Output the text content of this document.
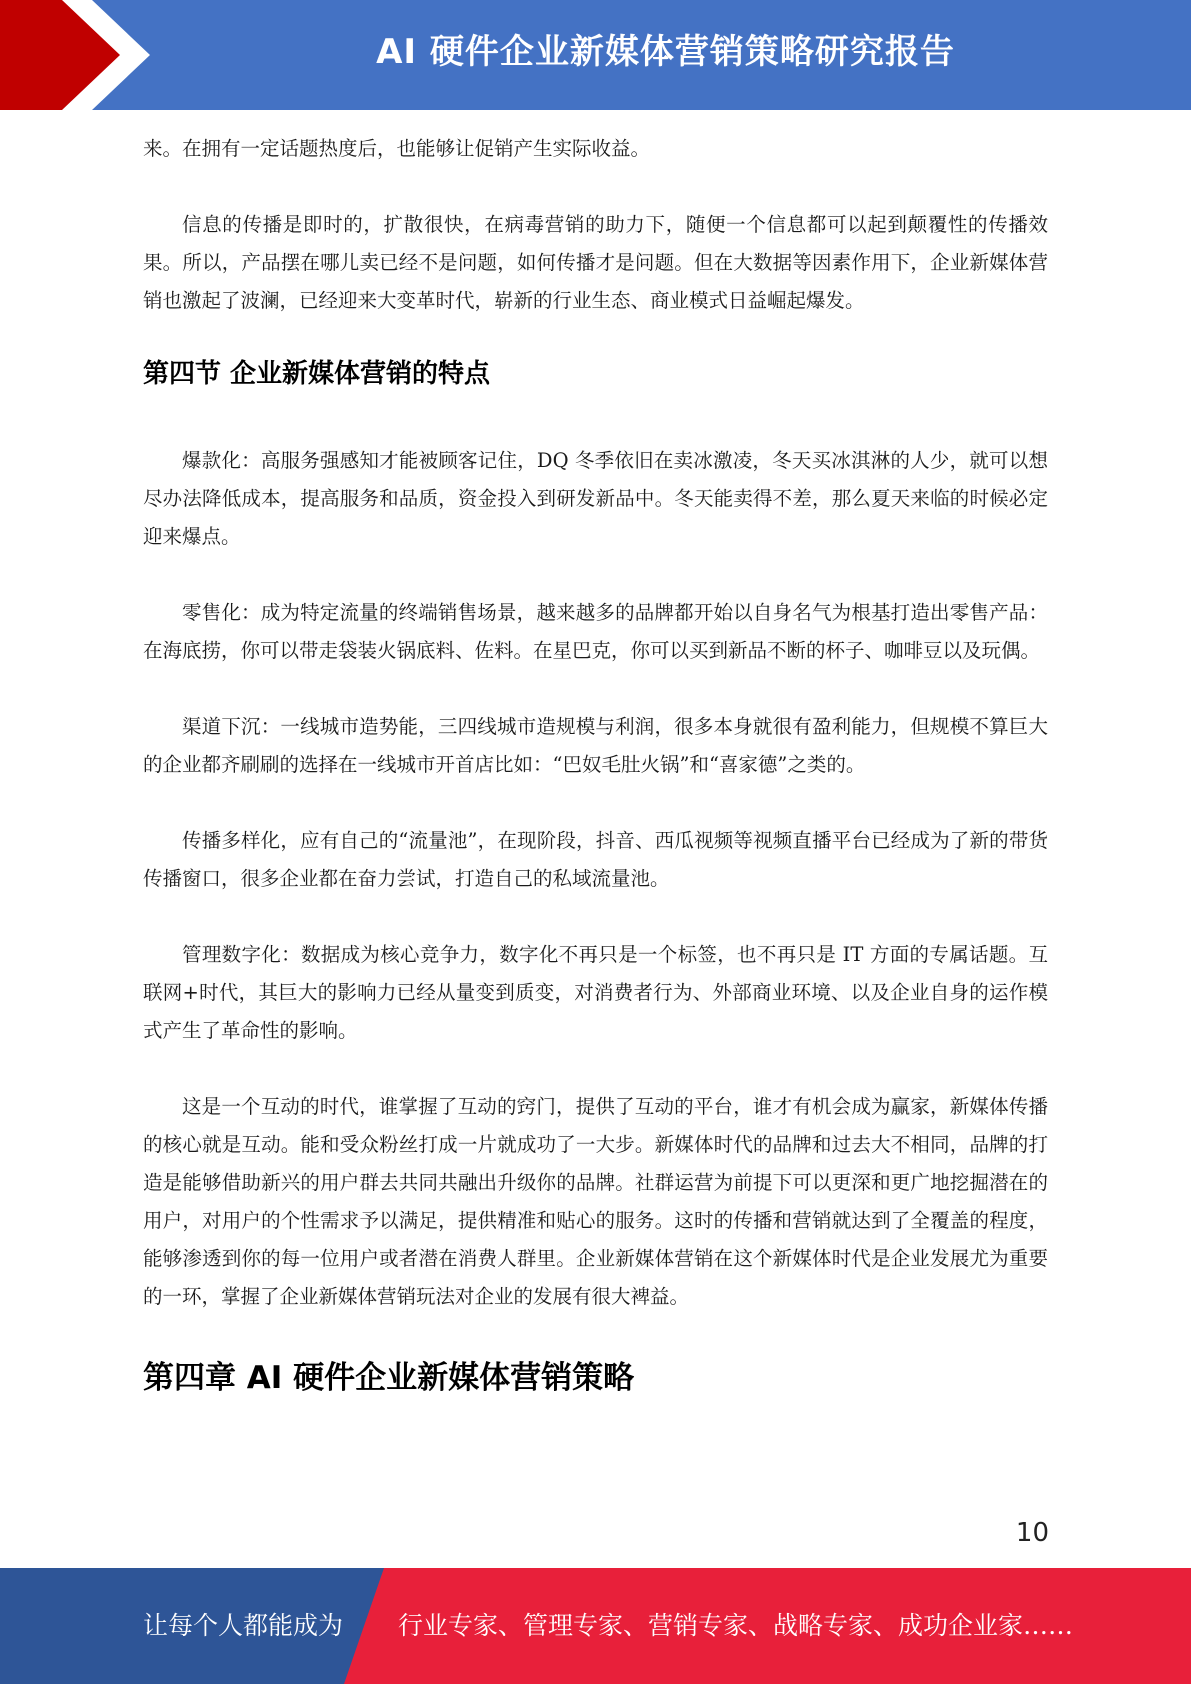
AI 硬件企业新媒体营销策略研究报告

来。在拥有一定话题热度后，也能够让促销产生实际收益。

信息的传播是即时的，扩散很快，在病毒营销的助力下，随便一个信息都可以起到颠覆性的传播效果。所以，产品摆在哪儿卖已经不是问题，如何传播才是问题。但在大数据等因素作用下，企业新媒体营销也激起了波澜，已经迎来大变革时代，崭新的行业生态、商业模式日益崛起爆发。

第四节 企业新媒体营销的特点

爆款化：高服务强感知才能被顾客记住，DQ 冬季依旧在卖冰激凌，冬天买冰淇淋的人少，就可以想尽办法降低成本，提高服务和品质，资金投入到研发新品中。冬天能卖得不差，那么夏天来临的时候必定迎来爆点。

零售化：成为特定流量的终端销售场景，越来越多的品牌都开始以自身名气为根基打造出零售产品：在海底捞，你可以带走袋装火锅底料、佐料。在星巴克，你可以买到新品不断的杯子、咖啡豆以及玩偶。

渠道下沉：一线城市造势能，三四线城市造规模与利润，很多本身就很有盈利能力，但规模不算巨大的企业都齐刷刷的选择在一线城市开首店比如：“巴奴毛肚火锅”和“喜家德”之类的。

传播多样化，应有自己的“流量池”，在现阶段，抖音、西瓜视频等视频直播平台已经成为了新的带货传播窗口，很多企业都在奋力尝试，打造自己的私域流量池。

管理数字化：数据成为核心竞争力，数字化不再只是一个标签，也不再只是 IT 方面的专属话题。互联网+时代，其巨大的影响力已经从量变到质变，对消费者行为、外部商业环境、以及企业自身的运作模式产生了革命性的影响。

这是一个互动的时代，谁掌握了互动的窍门，提供了互动的平台，谁才有机会成为赢家，新媒体传播的核心就是互动。能和受众粉丝打成一片就成功了一大步。新媒体时代的品牌和过去大不相同，品牌的打造是能够借助新兴的用户群去共同共融出升级你的品牌。社群运营为前提下可以更深和更广地挖掘潜在的用户，对用户的个性需求予以满足，提供精准和贴心的服务。这时的传播和营销就达到了全覆盖的程度，能够渗透到你的每一位用户或者潜在消费人群里。企业新媒体营销在这个新媒体时代是企业发展尤为重要的一环，掌握了企业新媒体营销玩法对企业的发展有很大裨益。

第四章 AI 硬件企业新媒体营销策略
10
让每个人都能成为 行业专家、管理专家、营销专家、战略专家、成功企业家……
